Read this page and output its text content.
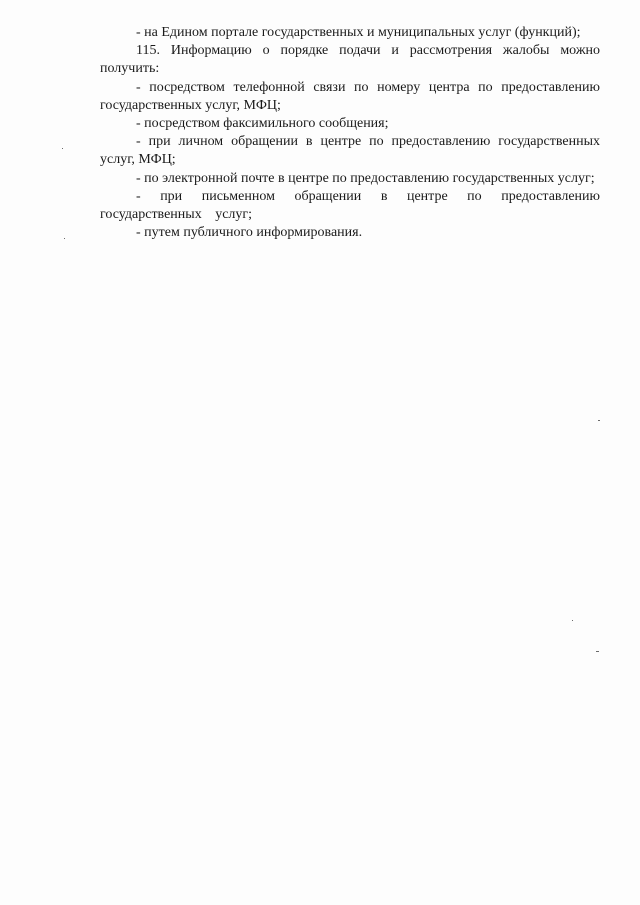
- на Едином портале государственных и муниципальных услуг (функций);

115. Информацию о порядке подачи и рассмотрения жалобы можно получить:

- посредством телефонной связи по номеру центра по предоставлению государственных услуг, МФЦ;

- посредством факсимильного сообщения;

- при личном обращении в центре по предоставлению государственных услуг, МФЦ;

- по электронной почте в центре по предоставлению государственных услуг;

- при письменном обращении в центре по предоставлению государственных услуг;

- путем публичного информирования.
